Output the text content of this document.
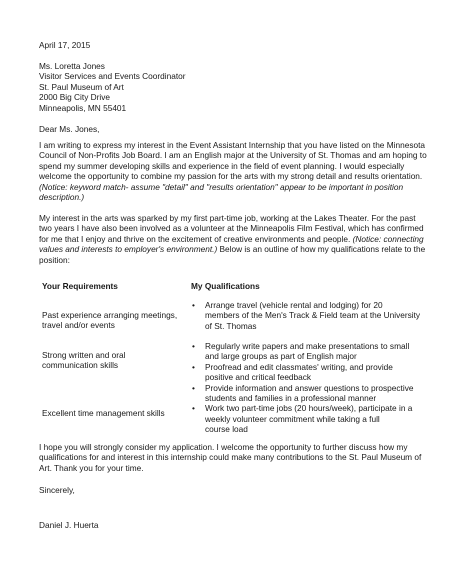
April 17, 2015
Ms. Loretta Jones
Visitor Services and Events Coordinator
St. Paul Museum of Art
2000 Big City Drive
Minneapolis, MN 55401
Dear Ms. Jones,
I am writing to express my interest in the Event Assistant Internship that you have listed on the Minnesota
Council of Non-Profits Job Board. I am an English major at the University of St. Thomas and am hoping to
spend my summer developing skills and experience in the field of event planning. I would especially
welcome the opportunity to combine my passion for the arts with my strong detail and results orientation.
(Notice: keyword match- assume "detail" and "results orientation" appear to be important in position
description.)
My interest in the arts was sparked by my first part-time job, working at the Lakes Theater. For the past
two years I have also been involved as a volunteer at the Minneapolis Film Festival, which has confirmed
for me that I enjoy and thrive on the excitement of creative environments and people. (Notice: connecting
values and interests to employer's environment.) Below is an outline of how my qualifications relate to the
position:
Your Requirements	My Qualifications
Past experience arranging meetings,
travel and/or events
Strong written and oral
communication skills
Excellent time management skills
• Arrange travel (vehicle rental and lodging) for 20
members of the Men's Track & Field team at the University
of St. Thomas
• Regularly write papers and make presentations to small
and large groups as part of English major
• Proofread and edit classmates' writing, and provide
positive and critical feedback
• Provide information and answer questions to prospective
students and families in a professional manner
• Work two part-time jobs (20 hours/week), participate in a
weekly volunteer commitment while taking a full
course load
I hope you will strongly consider my application. I welcome the opportunity to further discuss how my
qualifications for and interest in this internship could make many contributions to the St. Paul Museum of
Art. Thank you for your time.
Sincerely,
Daniel J. Huerta
